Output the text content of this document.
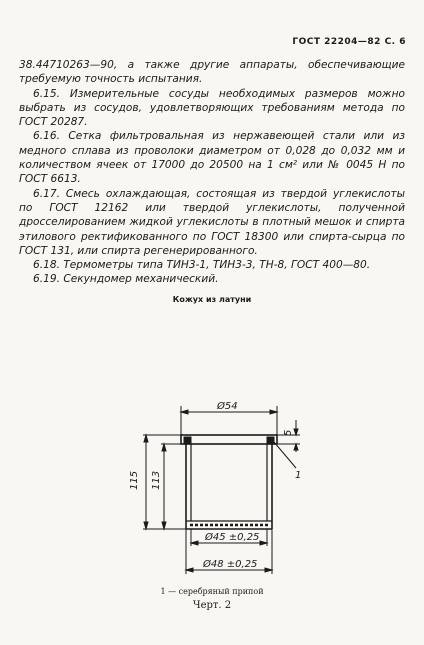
ГОСТ 22204—82 С. 6

38.44710263—90, а также другие аппараты, обеспечивающие требуемую точность испытания.

6.15. Измерительные сосуды необходимых размеров можно выбрать из сосудов, удовлетворяющих требованиям метода по ГОСТ 20287.

6.16. Сетка фильтровальная из нержавеющей стали или из медного сплава из проволоки диаметром от 0,028 до 0,032 мм и количеством ячеек от 17000 до 20500 на 1 см² или № 0045 Н по ГОСТ 6613.

6.17. Смесь охлаждающая, состоящая из твердой углекислоты по ГОСТ 12162 или твердой углекислоты, полученной дросселированием жидкой углекислоты в плотный мешок и спирта этилового ректификованного по ГОСТ 18300 или спирта-сырца по ГОСТ 131, или спирта регенерированного.

6.18. Термометры типа ТИН3-1, ТИН3-3, ТН-8, ГОСТ 400—80.

6.19. Секундомер механический.

Кожух из латуни
Ø54
115 113
5
1
Ø45 ±0,25
Ø48 ±0,25
1 — серебряный припой
Черт. 2
